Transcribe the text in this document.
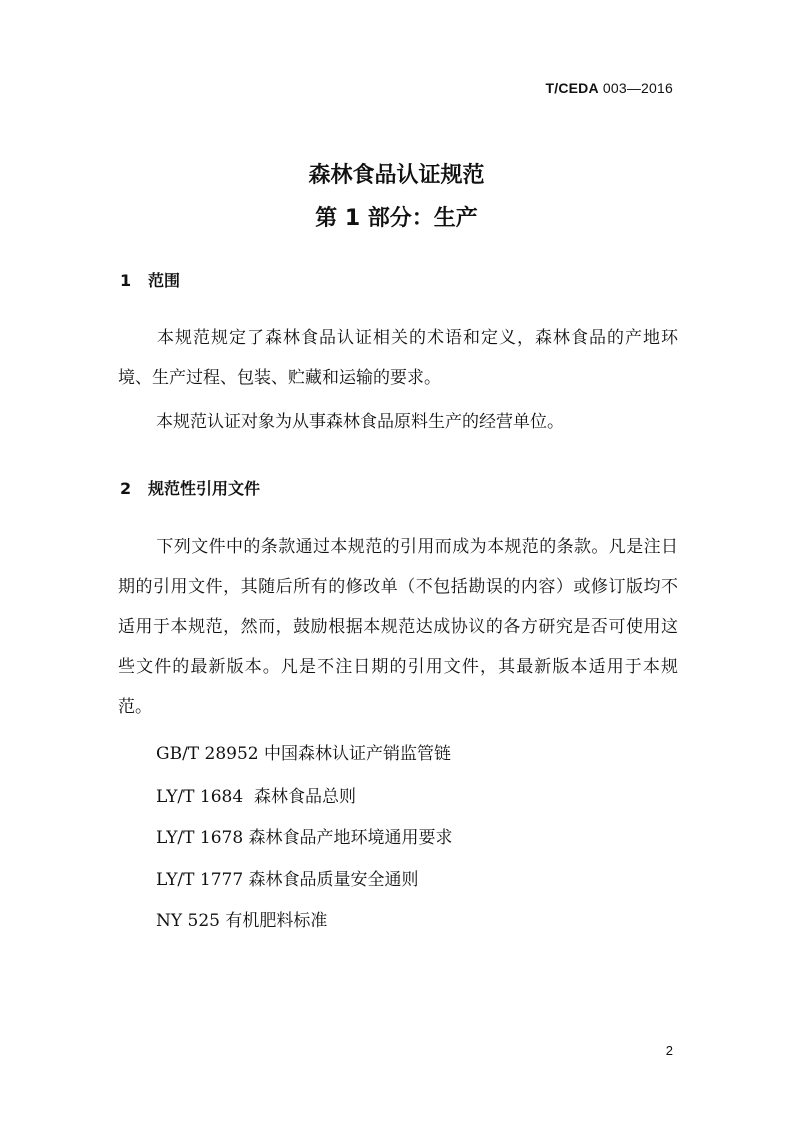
T/CEDA 003—2016
森林食品认证规范
第 1 部分：生产
1 范围

本规范规定了森林食品认证相关的术语和定义，森林食品的产地环境、生产过程、包装、贮藏和运输的要求。

本规范认证对象为从事森林食品原料生产的经营单位。

2 规范性引用文件

下列文件中的条款通过本规范的引用而成为本规范的条款。凡是注日期的引用文件，其随后所有的修改单（不包括勘误的内容）或修订版均不适用于本规范，然而，鼓励根据本规范达成协议的各方研究是否可使用这些文件的最新版本。凡是不注日期的引用文件，其最新版本适用于本规范。

GB/T 28952 中国森林认证产销监管链
LY/T 1684  森林食品总则
LY/T 1678 森林食品产地环境通用要求
LY/T 1777 森林食品质量安全通则
NY 525 有机肥料标准
2
